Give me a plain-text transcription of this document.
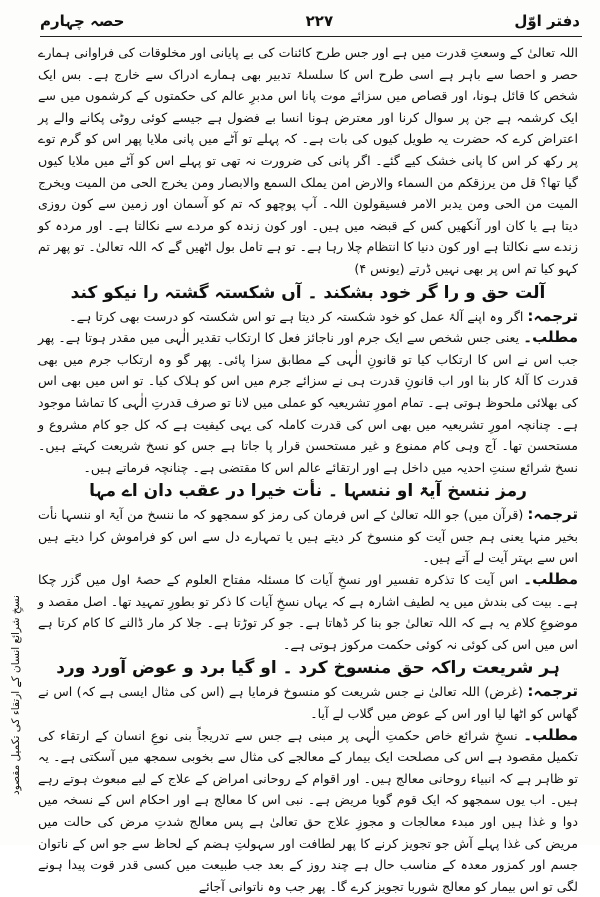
دفتر اوّل
۲۲۷
حصہ چہارم

اللہ تعالیٰ کے وسعتِ قدرت میں ہے اور جس طرح کائنات کی بے پایانی اور مخلوقات کی فراوانی ہمارے حصر و احصا سے باہر ہے اسی طرح اس کا سلسلۂ تدبیر بھی ہمارے ادراک سے خارج ہے۔ بس ایک شخص کا قائل ہونا، اور قصاص میں سزائے موت پانا اس مدبرِ عالم کی حکمتوں کے کرشموں میں سے ایک کرشمہ ہے جن پر سوال کرنا اور معترض ہونا انسا بے فضول ہے جیسے کوئی روٹی پکانے والے پر اعتراض کرے کہ حضرت یہ طویل کیوں کی بات ہے۔ کہ پہلے تو آٹے میں پانی ملایا پھر اس کو گرم توے پر رکھ کر اس کا پانی خشک کیے گئے۔ اگر پانی کی ضرورت نہ تھی تو پہلے اس کو آٹے میں ملایا کیوں گیا تھا؟ قل من یرزقکم من السماء والارض امن یملک السمع والابصار ومن یخرج الحی من المیت ویخرج المیت من الحی ومن یدبر الامر فسیقولون اللہ۔ آپ پوچھو کہ تم کو آسمان اور زمین سے کون روزی دیتا ہے یا کان اور آنکھیں کس کے قبضہ میں ہیں۔ اور کون زندہ کو مردے سے نکالتا ہے۔ اور مردہ کو زندے سے نکالتا ہے اور کون دنیا کا انتظام چلا رہا ہے۔ تو ہے تامل بول اٹھیں گے کہ اللہ تعالیٰ۔ تو پھر تم کہو کیا تم اس پر بھی نہیں ڈرتے (یونس ۴)

آلت حق و را گر خود بشکند ۔ آں شکستہ گشتہ را نیکو کند

ترجمہ: اگر وہ اپنے آلۂ عمل کو خود شکستہ کر دیتا ہے تو اس شکستہ کو درست بھی کرتا ہے۔

مطلب۔ یعنی جس شخص سے ایک جرم اور ناجائز فعل کا ارتکاب تقدیر الٰہی میں مقدر ہوتا ہے۔ پھر جب اس نے اس کا ارتکاب کیا تو قانونِ الٰہی کے مطابق سزا پائی۔ پھر گو وہ ارتکاب جرم میں بھی قدرت کا آلۂ کار بنا اور اب قانونِ قدرت ہی نے سزائے جرم میں اس کو ہلاک کیا۔ تو اس میں بھی اس کی بھلائی ملحوظ ہوتی ہے۔ تمام امورِ تشریعیہ کو عملی میں لانا تو صرف قدرتِ الٰہی کا تماشا موجود ہے۔ چنانچہ امورِ تشریعیہ میں بھی اس کی قدرت کاملہ کی یہی کیفیت ہے کہ کل جو کام مشروع و مستحسن تھا۔ آج وہی کام ممنوع و غیر مستحسن قرار پا جاتا ہے جس کو نسخ شریعت کہتے ہیں۔ نسخ شرائع سنتِ احدیہ میں داخل ہے اور ارتقائے عالم اس کا مقتضی ہے۔ چنانچہ فرماتے ہیں۔

رمز ننسخ آیۃ او ننسہا ۔ نأت خیرا در عقب دان اے مہا

ترجمہ: (قرآن میں) جو اللہ تعالیٰ کے اس فرمان کی رمز کو سمجھو کہ ما ننسخ من آیۃ او ننسہا نأت بخیر منہا یعنی ہم جس آیت کو منسوخ کر دیتے ہیں یا تمہارے دل سے اس کو فراموش کرا دیتے ہیں اس سے بہتر آیت لے آتے ہیں۔

مطلب۔ اس آیت کا تذکرہ تفسیر اور نسخِ آیات کا مسئلہ مفتاح العلوم کے حصۂ اول میں گزر چکا ہے۔ بیت کی بندش میں یہ لطیف اشارہ ہے کہ یہاں نسخِ آیات کا ذکر تو بطورِ تمہید تھا۔ اصل مقصد و موضوعِ کلام یہ ہے کہ اللہ تعالیٰ جو بنا کر ڈھاتا ہے۔ جو کر توڑتا ہے۔ جلا کر مار ڈالنے کا کام کرتا ہے اس میں اس کی کوئی نہ کوئی حکمت مرکوز ہوتی ہے۔

ہر شریعت راکہ حق منسوخ کرد ۔ او گیا برد و عوض آورد ورد

ترجمہ: (غرض) اللہ تعالیٰ نے جس شریعت کو منسوخ فرمایا ہے (اس کی مثال ایسی ہے کہ) اس نے گھاس کو اٹھا لیا اور اس کے عوض میں گلاب لے آیا۔

مطلب۔ نسخِ شرائع خاص حکمتِ الٰہی پر مبنی ہے جس سے تدریجاً بنی نوعِ انسان کے ارتقاء کی تکمیل مقصود ہے اس کی مصلحت ایک بیمار کے معالجے کی مثال سے بخوبی سمجھ میں آسکتی ہے۔ یہ تو ظاہر ہے کہ انبیاء روحانی معالج ہیں۔ اور اقوام کے روحانی امراض کے علاج کے لیے مبعوث ہوتے رہے ہیں۔ اب یوں سمجھو کہ ایک قوم گویا مریض ہے۔ نبی اس کا معالج ہے اور احکام اس کے نسخہ میں دوا و غذا ہیں اور مبدء معالجات و مجوزِ علاج حق تعالیٰ ہے پس معالج شدتِ مرض کی حالت میں مریض کی غذا پہلے آش جو تجویز کرنے کا پھر لطافت اور سہولتِ ہضم کے لحاظ سے جو اس کے ناتوان جسم اور کمزور معدہ کے مناسب حال ہے چند روز کے بعد جب طبیعت میں کسی قدر قوت پیدا ہونے لگی تو اس بیمار کو معالج شوربا تجویز کرے گا۔ پھر جب وہ ناتوانی آجائے

نسخِ شرائع انسان کے ارتقاء کی تکمیل مقصود
